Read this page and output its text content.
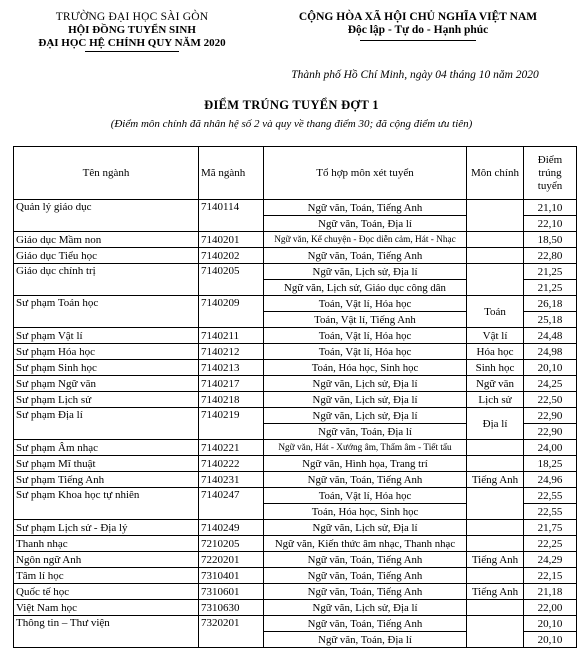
TRƯỜNG ĐẠI HỌC SÀI GÒN
HỘI ĐỒNG TUYỂN SINH
ĐẠI HỌC HỆ CHÍNH QUY NĂM 2020
CỘNG HÒA XÃ HỘI CHỦ NGHĨA VIỆT NAM
Độc lập - Tự do - Hạnh phúc
Thành phố Hồ Chí Minh, ngày 04 tháng 10 năm 2020
ĐIỂM TRÚNG TUYỂN ĐỢT 1
(Điểm môn chính đã nhân hệ số 2 và quy về thang điểm 30; đã cộng điểm ưu tiên)
Tên ngành	Mã ngành	Tổ hợp môn xét tuyển	Môn chính	Điểm trúng tuyển
Quản lý giáo dục	7140114	Ngữ văn, Toán, Tiếng Anh		21,10
		Ngữ văn, Toán, Địa lí		22,10
Giáo dục Mầm non	7140201	Ngữ văn, Kể chuyện - Đọc diễn cảm, Hát - Nhạc		18,50
Giáo dục Tiểu học	7140202	Ngữ văn, Toán, Tiếng Anh		22,80
Giáo dục chính trị	7140205	Ngữ văn, Lịch sử, Địa lí		21,25
		Ngữ văn, Lịch sử, Giáo dục công dân		21,25
Sư phạm Toán học	7140209	Toán, Vật lí, Hóa học	Toán	26,18
		Toán, Vật lí, Tiếng Anh		25,18
Sư phạm Vật lí	7140211	Toán, Vật lí, Hóa học	Vật lí	24,48
Sư phạm Hóa học	7140212	Toán, Vật lí, Hóa học	Hóa học	24,98
Sư phạm Sinh học	7140213	Toán, Hóa học, Sinh học	Sinh học	20,10
Sư phạm Ngữ văn	7140217	Ngữ văn, Lịch sử, Địa lí	Ngữ văn	24,25
Sư phạm Lịch sử	7140218	Ngữ văn, Lịch sử, Địa lí	Lịch sử	22,50
Sư phạm Địa lí	7140219	Ngữ văn, Lịch sử, Địa lí	Địa lí	22,90
		Ngữ văn, Toán, Địa lí		22,90
Sư phạm Âm nhạc	7140221	Ngữ văn, Hát - Xướng âm, Thẩm âm - Tiết tấu		24,00
Sư phạm Mĩ thuật	7140222	Ngữ văn, Hình họa, Trang trí		18,25
Sư phạm Tiếng Anh	7140231	Ngữ văn, Toán, Tiếng Anh	Tiếng Anh	24,96
Sư phạm Khoa học tự nhiên	7140247	Toán, Vật lí, Hóa học		22,55
		Toán, Hóa học, Sinh học		22,55
Sư phạm Lịch sử - Địa lý	7140249	Ngữ văn, Lịch sử, Địa lí		21,75
Thanh nhạc	7210205	Ngữ văn, Kiến thức âm nhạc, Thanh nhạc		22,25
Ngôn ngữ Anh	7220201	Ngữ văn, Toán, Tiếng Anh	Tiếng Anh	24,29
Tâm lí học	7310401	Ngữ văn, Toán, Tiếng Anh		22,15
Quốc tế học	7310601	Ngữ văn, Toán, Tiếng Anh	Tiếng Anh	21,18
Việt Nam học	7310630	Ngữ văn, Lịch sử, Địa lí		22,00
Thông tin – Thư viện	7320201	Ngữ văn, Toán, Tiếng Anh		20,10
		Ngữ văn, Toán, Địa lí		20,10
